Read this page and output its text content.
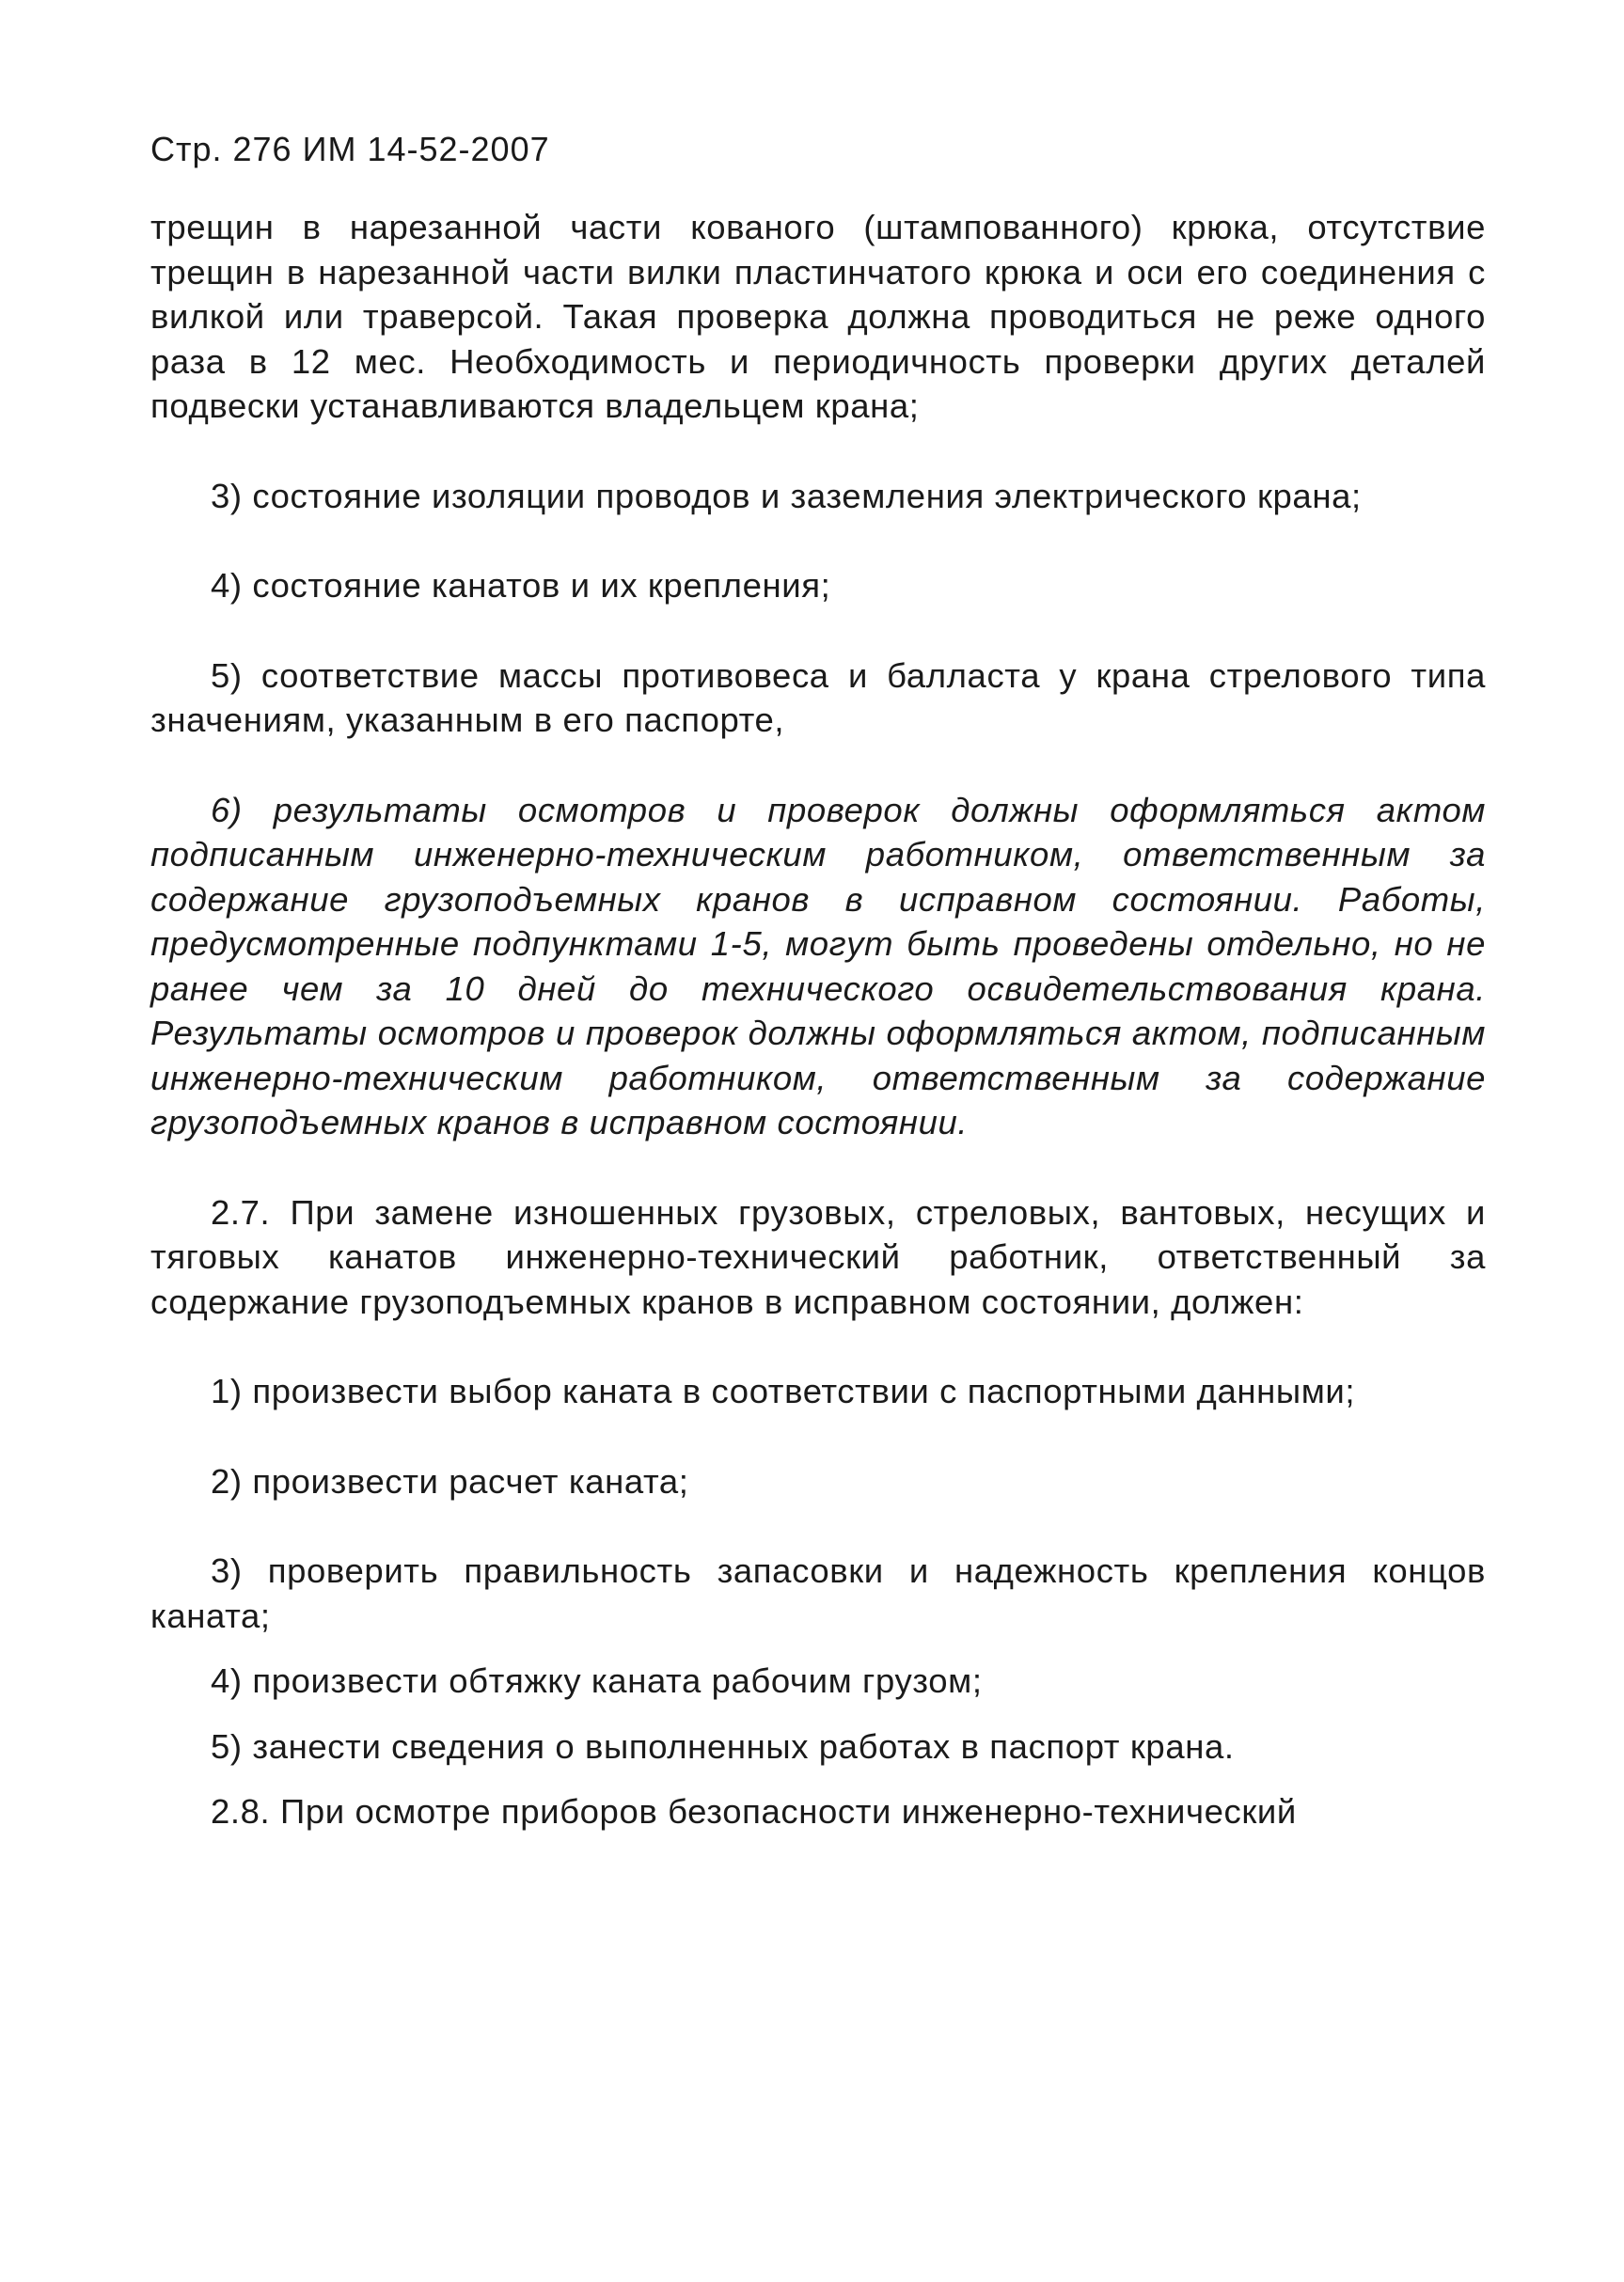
Стр. 276 ИМ 14-52-2007

трещин в нарезанной части кованого (штампованного) крюка, отсутствие трещин в нарезанной части вилки пластинчатого крюка и оси его соединения с вилкой или траверсой. Такая проверка должна проводиться не реже одного раза в 12 мес. Необходимость и периодичность проверки других деталей подвески устанавливаются владельцем крана;

3) состояние изоляции проводов и заземления электрического крана;

4) состояние канатов и их крепления;

5) соответствие массы противовеса и балласта у крана стрелового типа значениям, указанным в его паспорте,

6) результаты осмотров и проверок должны оформляться актом подписанным инженерно-техническим работником, ответственным за содержание грузоподъемных кранов в исправном состоянии. Работы, предусмотренные подпунктами 1-5, могут быть проведены отдельно, но не ранее чем за 10 дней до технического освидетельствования крана. Результаты осмотров и проверок должны оформляться актом, подписанным инженерно-техническим работником, ответственным за содержание грузоподъемных кранов в исправном состоянии.

2.7. При замене изношенных грузовых, стреловых, вантовых, несущих и тяговых канатов инженерно-технический работник, ответственный за содержание грузоподъемных кранов в исправном состоянии, должен:

1) произвести выбор каната в соответствии с паспортными данными;

2) произвести расчет каната;

3) проверить правильность запасовки и надежность крепления концов каната;

4) произвести обтяжку каната рабочим грузом;

5) занести сведения о выполненных работах в паспорт крана.

2.8. При осмотре приборов безопасности инженерно-технический
